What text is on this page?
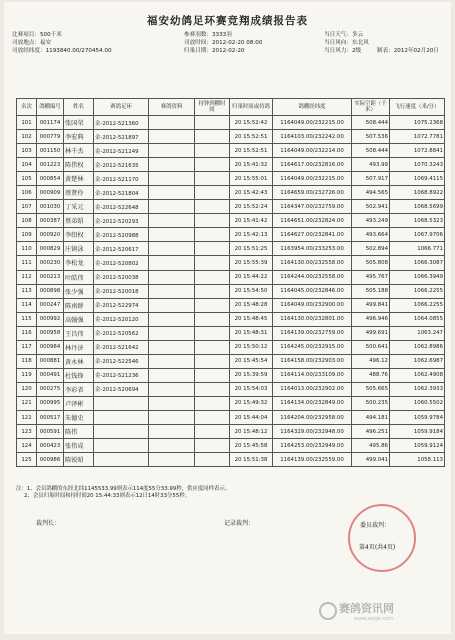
福安幼鸽足环赛竞翔成绩报告表
比赛项目：500千米	参赛羽数：3333羽	当日天气：多云
司放地点：福安	司放时间：2012-02-20 08:00	当日风向：东北风
司放经纬度：1193840.00/270454.00	归巢日期：2012-02-20	当日风力：2级	制表：2012年02月20日
名次	鸽棚编号	姓名	赛鸽足环	赛鸽资料	持钟到棚时间	归巢时间或持鸽	鸽棚经纬度	实际空距（千米）	飞行速度（米/分）
101	001174	张国荣	金-2012-521360			20 15:52:42	1164049.00/232215.00	508.444	1075.2368
102	000779	李宏典	金-2012-521897			20 15:52:51	1164103.00/232242.00	507.536	1072.7781
103	001150	林千杰	金-2012-521249			20 15:52:51	1164049.00/232214.00	508.444	1072.8841
104	001223	陈伟权	金-2012-521635			20 15:41:32	1164617.00/232816.00	493.99	1070.3243
105	000854	黄楚林	金-2012-521170			20 15:55:01	1164049.00/232215.00	507.917	1069.4115
106	000909	蔡贤伶	金-2012-521804			20 15:42:43	1164659.00/232726.00	494.565	1068.8922
107	001030	丁采元	金-2012-522648			20 15:52:24	1164347.00/232759.00	502.941	1068.5699
108	000387	蔡弟昭	金-2012-520293			20 15:41:42	1164651.00/232824.00	493.249	1068.5323
109	000920	李绍权	金-2012-520988			20 15:42:13	1164627.00/232841.00	493.664	1067.9706
110	000829	庄镇泳	金-2012-520617			20 15:51:25	1163954.00/233253.00	502.894	1066.771
111	000230	李松龙	金-2012-520802			20 15:55:39	1164130.00/232558.00	505.808	1066.3087
112	000213	叶皓伟	金-2012-520038			20 15:44:22	1164244.00/232558.00	495.767	1066.3949
113	000898	张少强	金-2012-520018			20 15:54:50	1164045.00/232846.00	505.188	1066.2255
114	000247	陈南群	金-2012-522974			20 15:48:28	1164049.00/232900.00	499.841	1066.2255
115	000992	高翰强	金-2012-520120			20 15:48:45	1164130.00/232801.00	496.946	1064.0855
116	000958	王昌伟	金-2012-520562			20 15:48:31	1164139.00/232759.00	499.691	1063.247
117	000984	林丹济	金-2012-521642			20 15:50:12	1164245.00/232915.00	500.641	1062.8986
118	000881	黄永林	金-2012-522546			20 15:45:54	1164158.00/232903.00	496.12	1062.6987
119	000491	杜钱锋	金-2012-521236			20 15:39:59	1164114.00/233109.00	488.76	1062.4908
120	000275	李彩省	金-2012-520694			20 15:54:03	1164013.00/232902.00	505.665	1062.3933
121	000995	卢泽彬				20 15:49:32	1164134.00/232849.00	500.235	1060.5502
122	000517	朱德史				20 15:44:04	1164204.00/232958.00	494.181	1059.9784
123	000591	陈伟				20 15:48:12	1164329.00/232948.00	496.251	1059.9184
124	000423	张伟成				20 15:45:58	1164253.00/232949.00	495.86	1059.9124
125	000986	陈锐昭				20 15:51:38	1164139.00/232559.00	499.041	1058.113
注：1、会员鸽棚的东经北纬1145533.99则表示114度55分33.99秒，供应度同样表示。
2、会员归巢时间和持时间20 15:44:33则表示12日14时33分55秒。
裁判长：	记录裁判：	委员裁判：
第4页(共4页)
赛鸽资讯网
www.saige.com
